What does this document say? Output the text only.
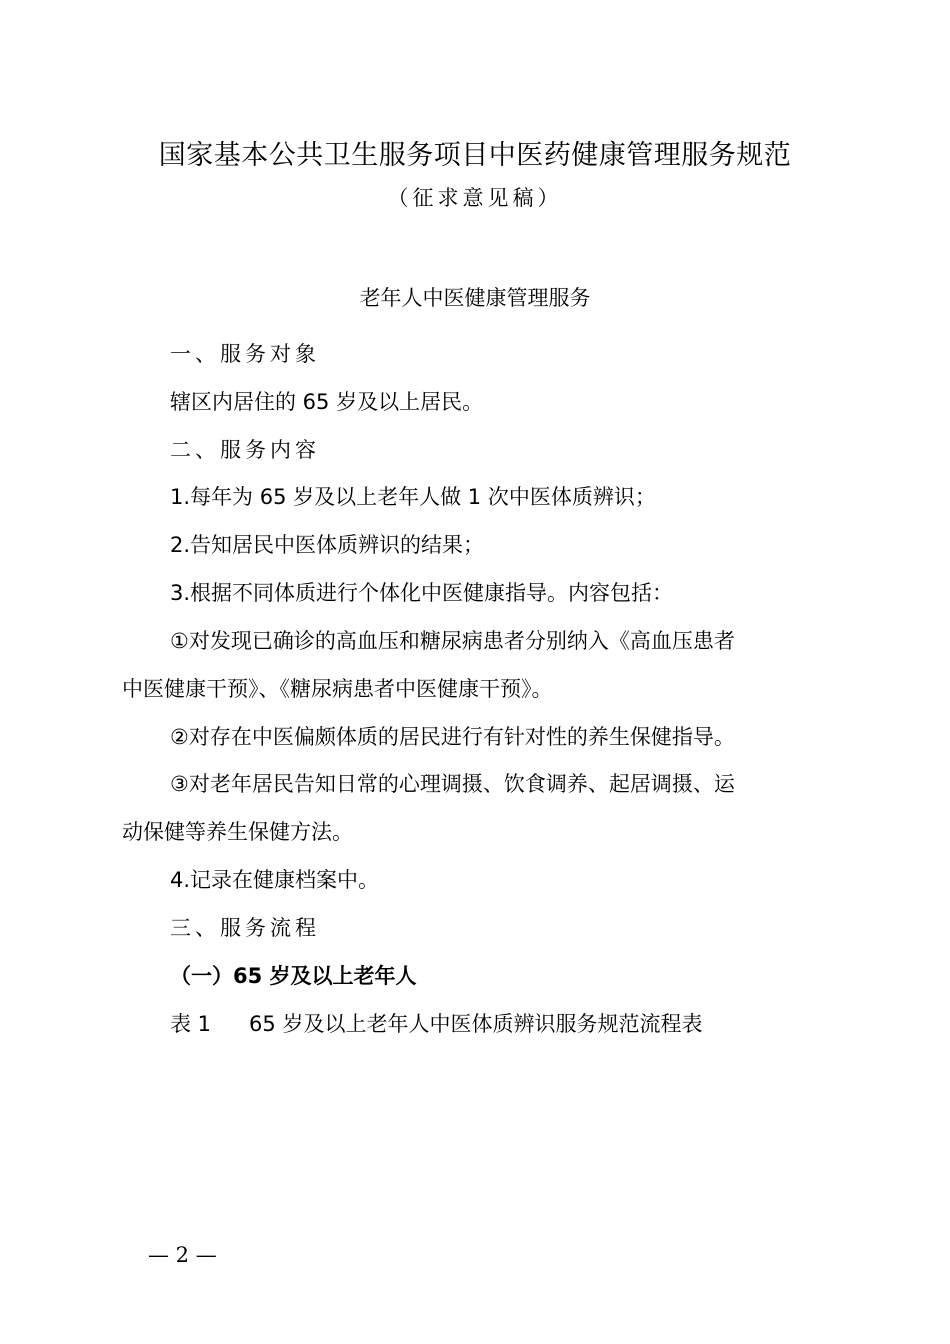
国家基本公共卫生服务项目中医药健康管理服务规范
（征求意见稿）
老年人中医健康管理服务
一、服务对象
辖区内居住的 65 岁及以上居民。
二、服务内容
1.每年为 65 岁及以上老年人做 1 次中医体质辨识；
2.告知居民中医体质辨识的结果；
3.根据不同体质进行个体化中医健康指导。内容包括：
①对发现已确诊的高血压和糖尿病患者分别纳入《高血压患者
中医健康干预》、《糖尿病患者中医健康干预》。
②对存在中医偏颇体质的居民进行有针对性的养生保健指导。
③对老年居民告知日常的心理调摄、饮食调养、起居调摄、运
动保健等养生保健方法。
4.记录在健康档案中。
三、服务流程
（一）65 岁及以上老年人
表 1 65 岁及以上老年人中医体质辨识服务规范流程表
— 2 —
